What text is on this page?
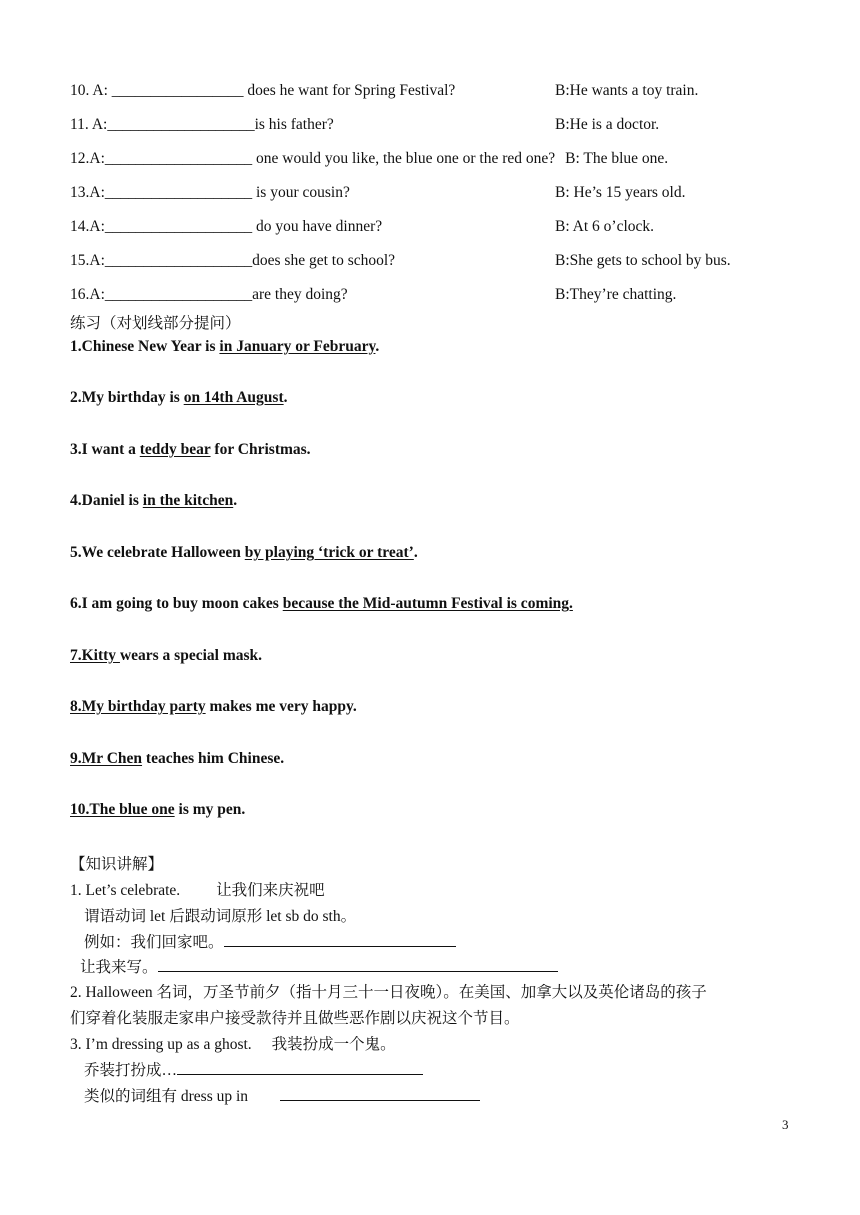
10. A: _________________ does he want for Spring Festival?	B:He wants a toy train.
11. A:___________________is his father?	B:He is a doctor.
12.A:___________________ one would you like, the blue one or the red one? B: The blue one.
13.A:___________________ is your cousin?	B: He’s 15 years old.
14.A:___________________ do you have dinner?	B: At 6 o’clock.
15.A:___________________does she get to school?	B:She gets to school by bus.
16.A:___________________are they doing?	B:They’re chatting.
练习（对划线部分提问）
1.Chinese New Year is in January or February.
2.My birthday is on 14th August.
3.I want a teddy bear for Christmas.
4.Daniel is in the kitchen.
5.We celebrate Halloween by playing ‘trick or treat’.
6.I am going to buy moon cakes because the Mid-autumn Festival is coming.
7.Kitty wears a special mask.
8.My birthday party makes me very happy.
9.Mr Chen teaches him Chinese.
10.The blue one is my pen.
【知识讲解】
1. Let’s celebrate. 让我们来庆祝吧
谓语动词 let 后跟动词原形 let sb do sth。
例如：我们回家吧。
让我来写。
2. Halloween 名词，万圣节前夕（指十月三十一日夜晚）。在美国、加拿大以及英伦诸岛的孩子
们穿着化装服走家串户接受款待并且做些恶作剧以庆祝这个节目。
3. I’m dressing up as a ghost. 我装扮成一个鬼。
乔装打扮成…
类似的词组有 dress up in
3
